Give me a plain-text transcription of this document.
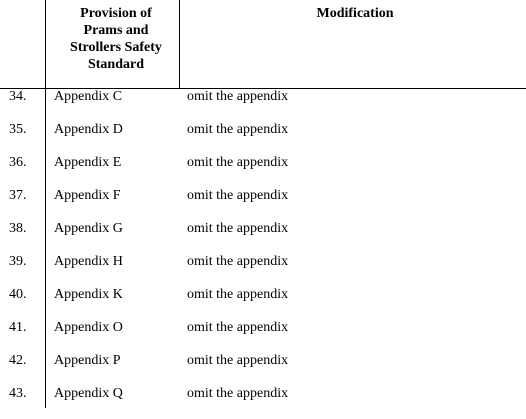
Provision of Prams and Strollers Safety Standard
Modification
34. Appendix C	omit the appendix
35. Appendix D	omit the appendix
36. Appendix E	omit the appendix
37. Appendix F	omit the appendix
38. Appendix G	omit the appendix
39. Appendix H	omit the appendix
40. Appendix K	omit the appendix
41. Appendix O	omit the appendix
42. Appendix P	omit the appendix
43. Appendix Q	omit the appendix
